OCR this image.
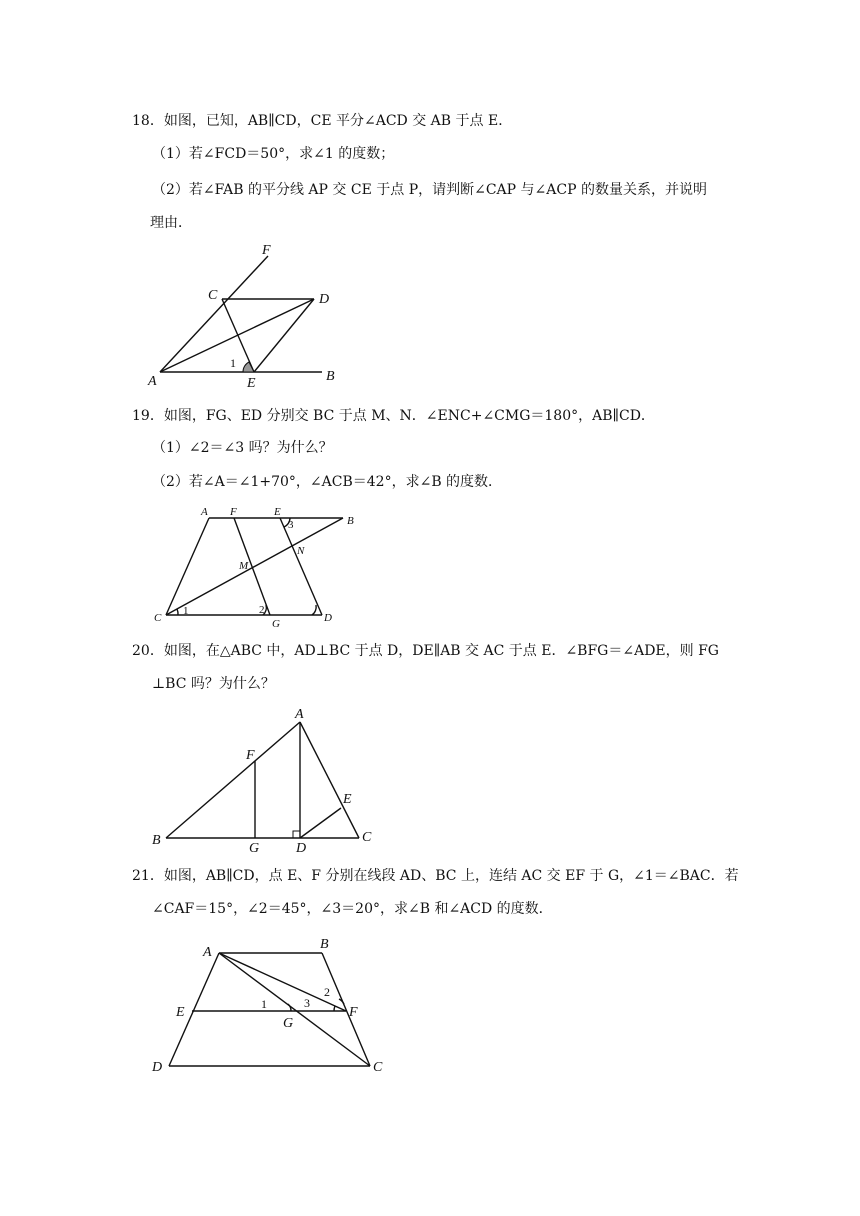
18．如图，已知，AB∥CD，CE 平分∠ACD 交 AB 于点 E．
（1）若∠FCD＝50°，求∠1 的度数；
（2）若∠FAB 的平分线 AP 交 CE 于点 P，请判断∠CAP 与∠ACP 的数量关系，并说明
理由．
A	B
C	D
E
F
1
19．如图，FG、ED 分别交 BC 于点 M、N．∠ENC+∠CMG＝180°，AB∥CD．
（1）∠2＝∠3 吗？为什么？
（2）若∠A＝∠1+70°，∠ACB＝42°，求∠B 的度数．
A F	E
B
M
N
C	G	D
1	2
3
20．如图，在△ABC 中，AD⊥BC 于点 D，DE∥AB 交 AC 于点 E．∠BFG＝∠ADE，则 FG
⊥BC 吗？为什么？
A
B	C
D
E
F
G
21．如图，AB∥CD，点 E、F 分别在线段 AD、BC 上，连结 AC 交 EF 于 G，∠1＝∠BAC．若
∠CAF＝15°，∠2＝45°，∠3＝20°，求∠B 和∠ACD 的度数．
A
B
E	F
G
D	C
1	3
2
